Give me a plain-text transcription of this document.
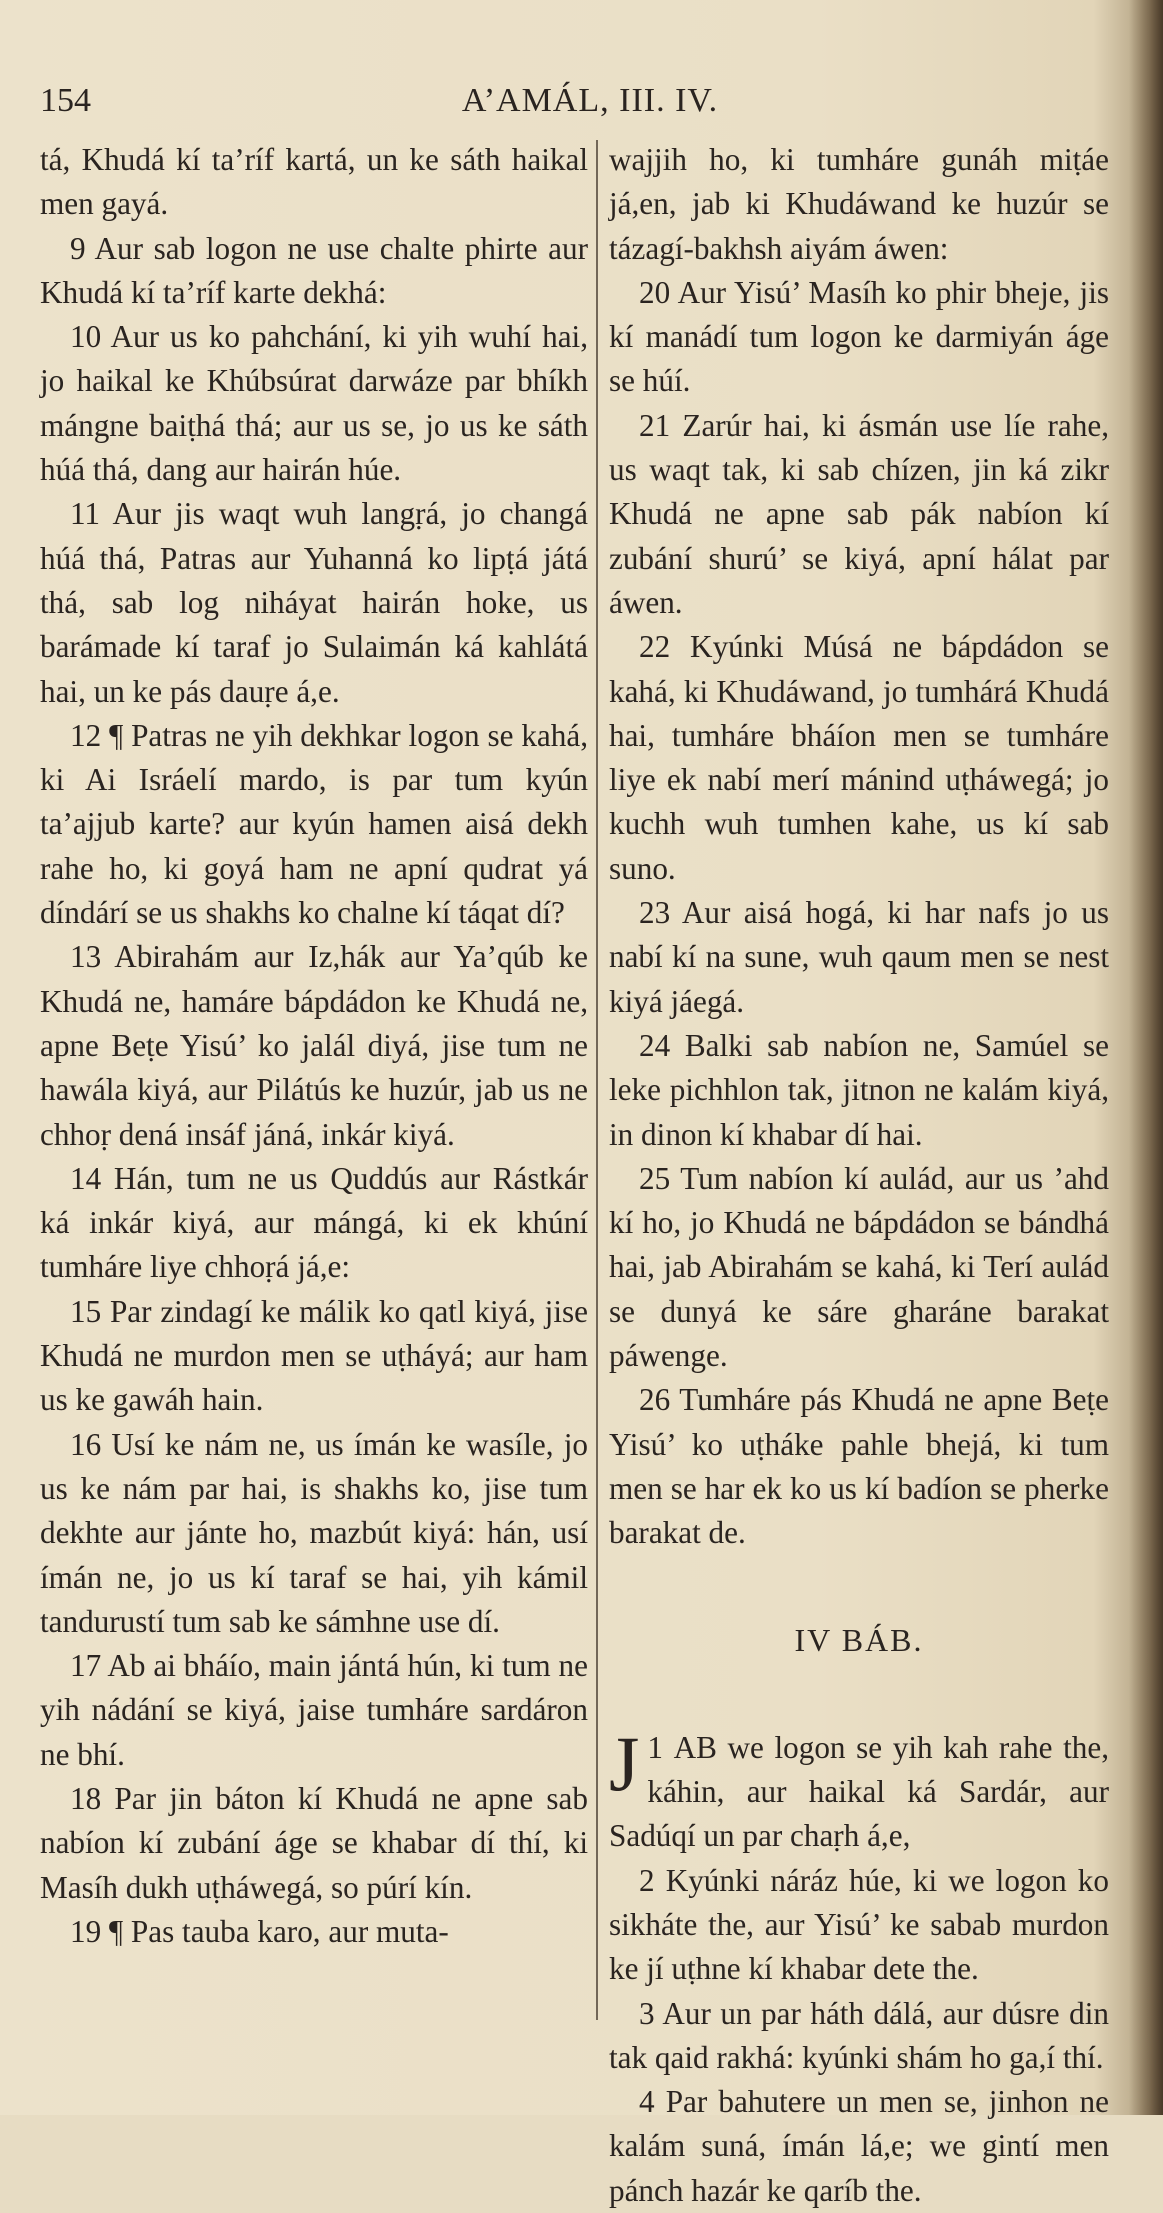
154	A’AMÁL, III. IV.

tá, Khudá kí ta’ríf kartá, un ke sáth haikal men gayá.

9 Aur sab logon ne use chalte phirte aur Khudá kí ta’ríf karte dekhá:

10 Aur us ko pahchání, ki yih wuhí hai, jo haikal ke Khúbsúrat darwáze par bhíkh mángne baiṭhá thá; aur us se, jo us ke sáth húá thá, dang aur hairán húe.

11 Aur jis waqt wuh langṛá, jo changá húá thá, Patras aur Yuhanná ko lipṭá játá thá, sab log niháyat hairán hoke, us barámade kí taraf jo Sulaimán ká kahlátá hai, un ke pás dauṛe á,e.

12 ¶ Patras ne yih dekhkar logon se kahá, ki Ai Isráelí mardo, is par tum kyún ta’ajjub karte? aur kyún hamen aisá dekh rahe ho, ki goyá ham ne apní qudrat yá díndárí se us shakhs ko chalne kí táqat dí?

13 Abirahám aur Iz,hák aur Ya’qúb ke Khudá ne, hamáre bápdádon ke Khudá ne, apne Beṭe Yisú’ ko jalál diyá, jise tum ne hawála kiyá, aur Pilátús ke huzúr, jab us ne chhoṛ dená insáf jáná, inkár kiyá.

14 Hán, tum ne us Quddús aur Rástkár ká inkár kiyá, aur mángá, ki ek khúní tumháre liye chhoṛá já,e:

15 Par zindagí ke málik ko qatl kiyá, jise Khudá ne murdon men se uṭháyá; aur ham us ke gawáh hain.

16 Usí ke nám ne, us ímán ke wasíle, jo us ke nám par hai, is shakhs ko, jise tum dekhte aur jánte ho, mazbút kiyá: hán, usí ímán ne, jo us kí taraf se hai, yih kámil tandurustí tum sab ke sámhne use dí.

17 Ab ai bháío, main jántá hún, ki tum ne yih nádání se kiyá, jaise tumháre sardáron ne bhí.

18 Par jin báton kí Khudá ne apne sab nabíon kí zubání áge se khabar dí thí, ki Masíh dukh uṭháwegá, so púrí kín.

19 ¶ Pas tauba karo, aur muta-

wajjih ho, ki tumháre gunáh miṭáe já,en, jab ki Khudáwand ke huzúr se tázagí-bakhsh aiyám áwen:

20 Aur Yisú’ Masíh ko phir bheje, jis kí manádí tum logon ke darmiyán áge se húí.

21 Zarúr hai, ki ásmán use líe rahe, us waqt tak, ki sab chízen, jin ká zikr Khudá ne apne sab pák nabíon kí zubání shurú’ se kiyá, apní hálat par áwen.

22 Kyúnki Músá ne bápdádon se kahá, ki Khudáwand, jo tumhárá Khudá hai, tumháre bháíon men se tumháre liye ek nabí merí mánind uṭháwegá; jo kuchh wuh tumhen kahe, us kí sab suno.

23 Aur aisá hogá, ki har nafs jo us nabí kí na sune, wuh qaum men se nest kiyá jáegá.

24 Balki sab nabíon ne, Samúel se leke pichhlon tak, jitnon ne kalám kiyá, in dinon kí khabar dí hai.

25 Tum nabíon kí aulád, aur us ’ahd kí ho, jo Khudá ne bápdádon se bándhá hai, jab Abirahám se kahá, ki Terí aulád se dunyá ke sáre gharáne barakat páwenge.

26 Tumháre pás Khudá ne apne Beṭe Yisú’ ko uṭháke pahle bhejá, ki tum men se har ek ko us kí badíon se pherke barakat de.

IV BÁB.

1
J AB we logon se yih kah rahe the, káhin, aur haikal ká Sardár, aur Sadúqí un par chaṛh á,e,

2 Kyúnki náráz húe, ki we logon ko sikháte the, aur Yisú’ ke sabab murdon ke jí uṭhne kí khabar dete the.

3 Aur un par háth dálá, aur dúsre din tak qaid rakhá: kyúnki shám ho ga,í thí.

4 Par bahutere un men se, jinhon ne kalám suná, ímán lá,e; we gintí men pánch hazár ke qaríb the.
